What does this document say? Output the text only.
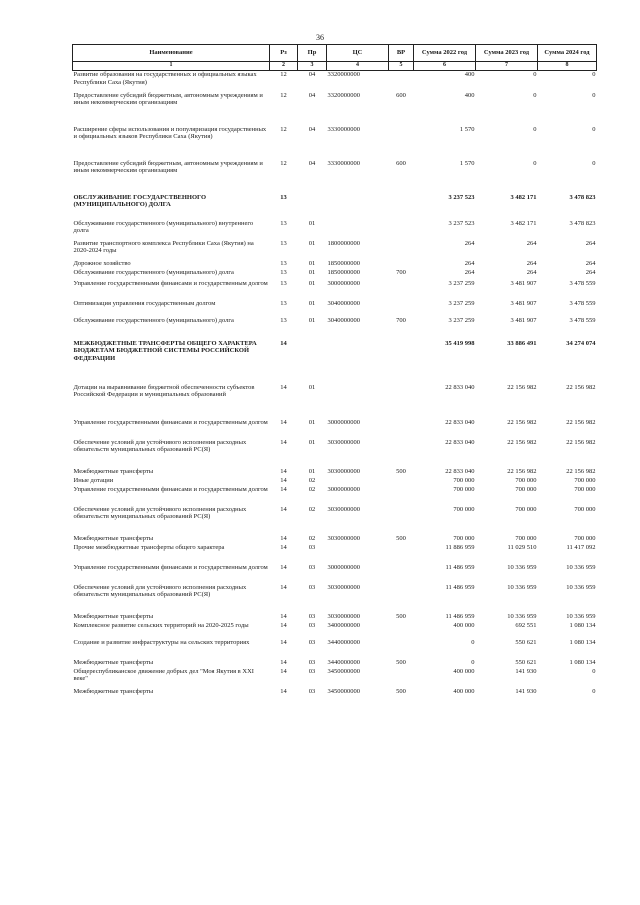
36
Наименование	Рз	Пр	ЦС	ВР	Сумма 2022 год	Сумма 2023 год	Сумма 2024 год
1	2	3	4	5	6	7	8
Развитие образования на государственных и официальных языках Республики Саха (Якутия)	12	04	3320000000		400	0	0
Предоставление субсидий бюджетным, автономным учреждениям и иным некоммерческим организациям	12	04	3320000000	600	400	0	0
Расширение сферы использования и популяризация государственных и официальных языков Республики Саха (Якутия)	12	04	3330000000		1 570	0	0
Предоставление субсидий бюджетным, автономным учреждениям и иным некоммерческим организациям	12	04	3330000000	600	1 570	0	0
ОБСЛУЖИВАНИЕ ГОСУДАРСТВЕННОГО (МУНИЦИПАЛЬНОГО) ДОЛГА	13				3 237 523	3 482 171	3 478 823
Обслуживание государственного (муниципального) внутреннего долга	13	01			3 237 523	3 482 171	3 478 823
Развитие транспортного комплекса Республики Саха (Якутия) на 2020-2024 годы	13	01	1800000000		264	264	264
Дорожное хозяйство	13	01	1850000000		264	264	264
Обслуживание государственного (муниципального) долга	13	01	1850000000	700	264	264	264
Управление государственными финансами и государственным долгом	13	01	3000000000		3 237 259	3 481 907	3 478 559
Оптимизация управления государственным долгом	13	01	3040000000		3 237 259	3 481 907	3 478 559
Обслуживание государственного (муниципального) долга	13	01	3040000000	700	3 237 259	3 481 907	3 478 559
МЕЖБЮДЖЕТНЫЕ ТРАНСФЕРТЫ ОБЩЕГО ХАРАКТЕРА БЮДЖЕТАМ БЮДЖЕТНОЙ СИСТЕМЫ РОССИЙСКОЙ ФЕДЕРАЦИИ	14				35 419 998	33 886 491	34 274 074
Дотации на выравнивание бюджетной обеспеченности субъектов Российской Федерации и муниципальных образований	14	01			22 833 040	22 156 982	22 156 982
Управление государственными финансами и государственным долгом	14	01	3000000000		22 833 040	22 156 982	22 156 982
Обеспечение условий для устойчивого исполнения расходных обязательств муниципальных образований РС(Я)	14	01	3030000000		22 833 040	22 156 982	22 156 982
Межбюджетные трансферты	14	01	3030000000	500	22 833 040	22 156 982	22 156 982
Иные дотации	14	02			700 000	700 000	700 000
Управление государственными финансами и государственным долгом	14	02	3000000000		700 000	700 000	700 000
Обеспечение условий для устойчивого исполнения расходных обязательств муниципальных образований РС(Я)	14	02	3030000000		700 000	700 000	700 000
Межбюджетные трансферты	14	02	3030000000	500	700 000	700 000	700 000
Прочие межбюджетные трансферты общего характера	14	03			11 886 959	11 029 510	11 417 092
Управление государственными финансами и государственным долгом	14	03	3000000000		11 486 959	10 336 959	10 336 959
Обеспечение условий для устойчивого исполнения расходных обязательств муниципальных образований РС(Я)	14	03	3030000000		11 486 959	10 336 959	10 336 959
Межбюджетные трансферты	14	03	3030000000	500	11 486 959	10 336 959	10 336 959
Комплексное развитие сельских территорий на 2020-2025 годы	14	03	3400000000		400 000	692 551	1 080 134
Создание и развитие инфраструктуры на сельских территориях	14	03	3440000000		0	550 621	1 080 134
Межбюджетные трансферты	14	03	3440000000	500	0	550 621	1 080 134
Общереспубликанское движение добрых дел "Моя Якутия в XXI веке"	14	03	3450000000		400 000	141 930	0
Межбюджетные трансферты	14	03	3450000000	500	400 000	141 930	0
